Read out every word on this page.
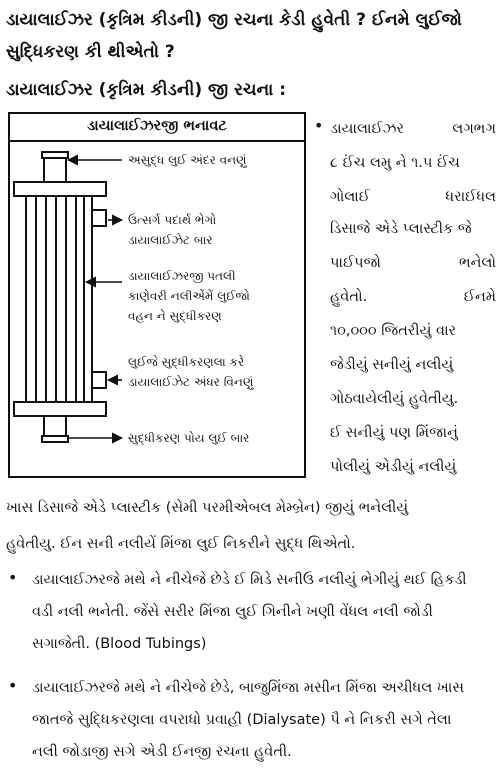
ડાયાલાઈઝર (કૃત્રિમ કીડની) જી રચના કેડી હુવેતી ? ઈનમે લુઈજો
સુદ્ધિકરણ કી થીએતો ?
ડાયાલાઈઝર (કૃત્રિમ કીડની) જી રચના :
ડાયાલાઈઝરજી ભનાવટ
અસુદ્ધ લુઈ અંદર વનણું
ઉત્સર્ગ પદાર્થ ભેગો
ડાયાલાઈઝેટ બાર
ડાયાલાઈઝરજી પતલી
કાણેવરી નલીએંમેં લુઈજો
વહન ને સુદ્ધીકરણ
લુઈજે સુદ્ધીકરણલા કરે
ડાયાલાઈઝેટ અંધર વિનણું
સુદ્ધીકરણ પોય લુઈ બાર
• ડાયાલાઈઝર	લગભગ
૮ ઈંચ લમુ ને ૧.૫ ઈંચ
ગોલાઈ	ધરાઈધલ
ડિસાજે એડે પ્લાસ્ટીક જે
પાઈપજો	ભનેલો
હુવેતો.	ઈનમે
૧૦,૦૦૦ જિતરીયું વાર
જેડીયું સનીયું નલીયું
ગોઠવાયેલીયું હુવેતીયુ.
ઈ સનીયું પણ મિંજાનું
પોલીયું એડીયું નલીયું
ખાસ ડિસાજે એડે પ્લાસ્ટીક (સેમી પરમીએબલ મેમ્બ્રેન) જીયું ભનેલીયું
હુવેતીયુ. ઈન સની નલીયેં મિંજા લુઈ નિકરીને સુદ્ધ થિએતો.
• ડાયાલાઈઝરજે મથે ને નીચેજે છેડે ઈ મિડે સનીઉ નલીયું ભેગીયું થઈ હિકડી
વડી નલી ભનેતી. જેંસે સરીર મિંજા લુઈ ગિનીને ખણી વેંધલ નલી જોડી
સગાજેતી. (Blood Tubings)
• ડાયાલાઈઝરજે મથે ને નીચેજે છેડે, બાજુમિંજા મસીન મિંજા અચીધલ ખાસ
જાતજે સુદ્ધિકરણલા વપરાધો પ્રવાહી (Dialysate) પૈ ને નિકરી સગે તેલા
નલી જોડાજી સગે એડી ઈનજી રચના હુવેતી.
